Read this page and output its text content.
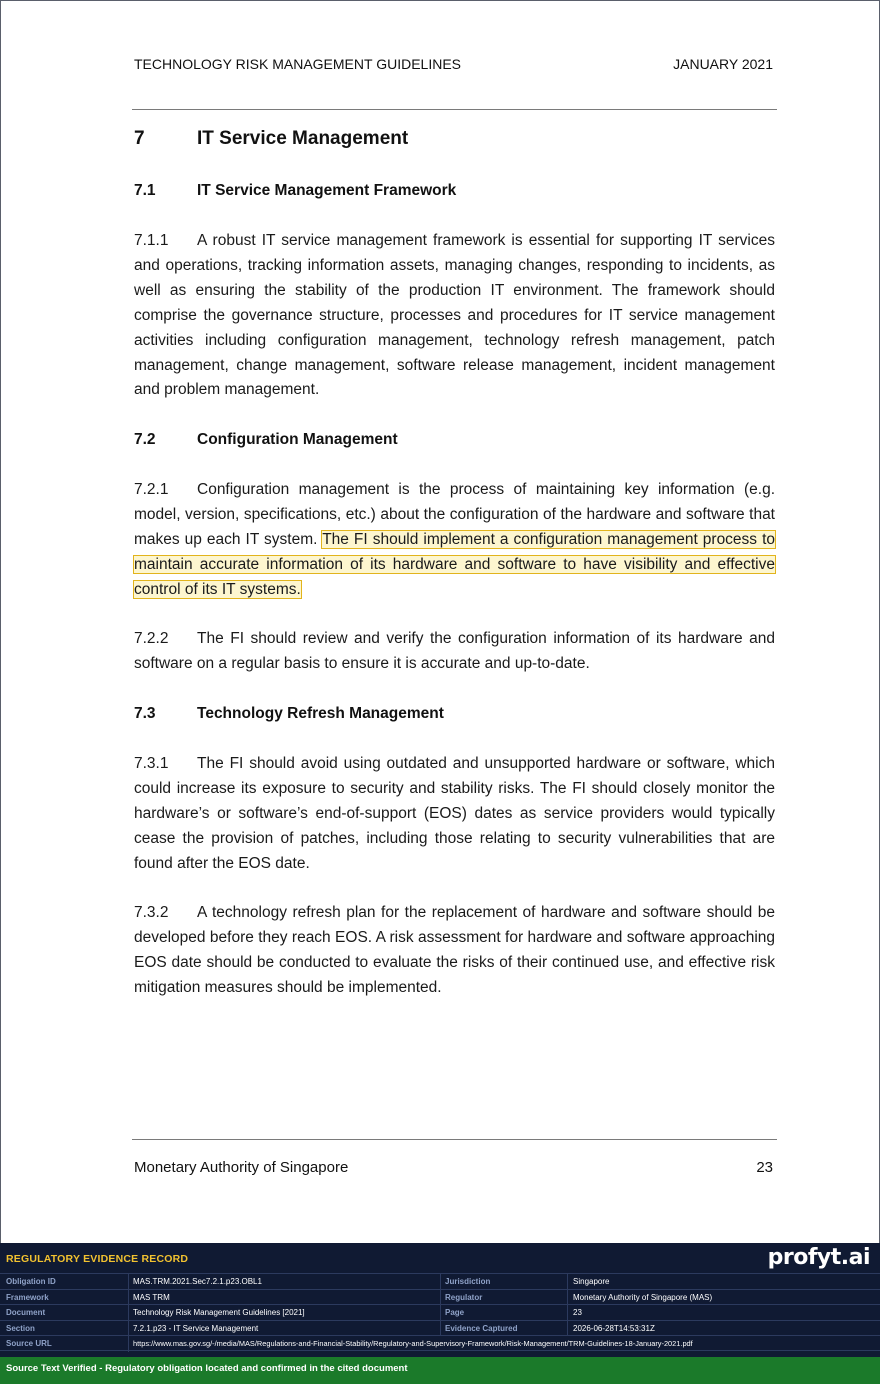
TECHNOLOGY RISK MANAGEMENT GUIDELINES	JANUARY 2021
7	IT Service Management
7.1	IT Service Management Framework
7.1.1 A robust IT service management framework is essential for supporting IT services and operations, tracking information assets, managing changes, responding to incidents, as well as ensuring the stability of the production IT environment. The framework should comprise the governance structure, processes and procedures for IT service management activities including configuration management, technology refresh management, patch management, change management, software release management, incident management and problem management.
7.2	Configuration Management
7.2.1 Configuration management is the process of maintaining key information (e.g. model, version, specifications, etc.) about the configuration of the hardware and software that makes up each IT system. The FI should implement a configuration management process to maintain accurate information of its hardware and software to have visibility and effective control of its IT systems.
7.2.2 The FI should review and verify the configuration information of its hardware and software on a regular basis to ensure it is accurate and up-to-date.
7.3	Technology Refresh Management
7.3.1 The FI should avoid using outdated and unsupported hardware or software, which could increase its exposure to security and stability risks. The FI should closely monitor the hardware’s or software’s end-of-support (EOS) dates as service providers would typically cease the provision of patches, including those relating to security vulnerabilities that are found after the EOS date.
7.3.2 A technology refresh plan for the replacement of hardware and software should be developed before they reach EOS. A risk assessment for hardware and software approaching EOS date should be conducted to evaluate the risks of their continued use, and effective risk mitigation measures should be implemented.
Monetary Authority of Singapore	23
REGULATORY EVIDENCE RECORD	profyt.ai
Obligation ID	MAS.TRM.2021.Sec7.2.1.p23.OBL1	Jurisdiction	Singapore
Framework	MAS TRM	Regulator	Monetary Authority of Singapore (MAS)
Document	Technology Risk Management Guidelines [2021]	Page	23
Section	7.2.1.p23 - IT Service Management	Evidence Captured	2026-06-28T14:53:31Z
Source URL	https://www.mas.gov.sg/-/media/MAS/Regulations-and-Financial-Stability/Regulatory-and-Supervisory-Framework/Risk-Management/TRM-Guidelines-18-January-2021.pdf
Source Text Verified - Regulatory obligation located and confirmed in the cited document
